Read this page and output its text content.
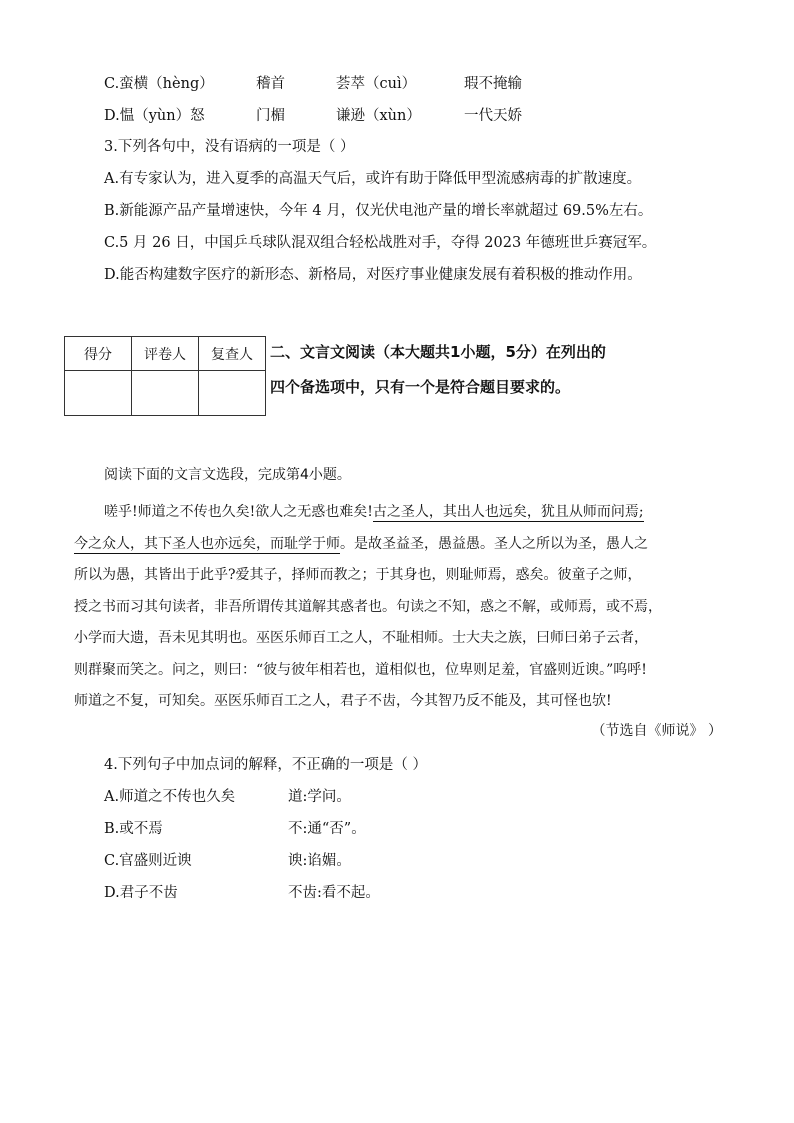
C.蛮横（hèng）	稽首	荟萃（cuì）	瑕不掩输
D.愠（yùn）怒	门楣	谦逊（xùn）	一代天娇
3.下列各句中，没有语病的一项是（ ）
A.有专家认为，进入夏季的高温天气后，或许有助于降低甲型流感病毒的扩散速度。
B.新能源产品产量增速快，今年 4 月，仅光伏电池产量的增长率就超过 69.5%左右。
C.5 月 26 日，中国乒乓球队混双组合轻松战胜对手，夺得 2023 年德班世乒赛冠军。
D.能否构建数字医疗的新形态、新格局，对医疗事业健康发展有着积极的推动作用。
得分	评卷人	复查人
		二、文言文阅读（本大题共1小题，5分）在列出的
四个备选项中，只有一个是符合题目要求的。
阅读下面的文言文选段，完成第4小题。
嗟乎!师道之不传也久矣!欲人之无惑也难矣!古之圣人，其出人也远矣，犹且从师而问焉;
今之众人，其下圣人也亦远矣，而耻学于师。是故圣益圣，愚益愚。圣人之所以为圣，愚人之
所以为愚，其皆出于此乎?爱其子，择师而教之；于其身也，则耻师焉，惑矣。彼童子之师，
授之书而习其句读者，非吾所谓传其道解其惑者也。句读之不知，惑之不解，或师焉，或不焉，
小学而大遗，吾未见其明也。巫医乐师百工之人，不耻相师。士大夫之族，曰师曰弟子云者，
则群聚而笑之。问之，则曰：“彼与彼年相若也，道相似也，位卑则足羞，官盛则近谀。”呜呼!
师道之不复，可知矣。巫医乐师百工之人，君子不齿，今其智乃反不能及，其可怪也欤!
（节选自《师说》 ）
4.下列句子中加点词的解释，不正确的一项是（ ）
A.师道之不传也久矣	道:学问。
B.或不焉	不:通“否”。
C.官盛则近谀	谀:谄媚。
D.君子不齿	不齿:看不起。
